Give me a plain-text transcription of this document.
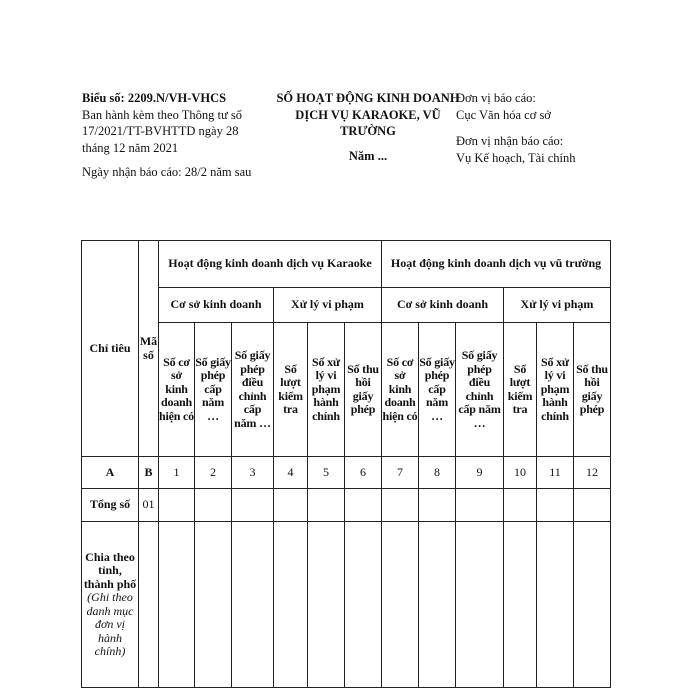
Biểu số: 2209.N/VH-VHCS
Ban hành kèm theo Thông tư số 17/2021/TT-BVHTTD ngày 28 tháng 12 năm 2021
Ngày nhận báo cáo: 28/2 năm sau
SỐ HOẠT ĐỘNG KINH DOANH DỊCH VỤ KARAOKE, VŨ TRƯỜNG
Năm ...
Đơn vị báo cáo:
Cục Văn hóa cơ sở
Đơn vị nhận báo cáo:
Vụ Kế hoạch, Tài chính
Chỉ tiêu	Mã số	Hoạt động kinh doanh dịch vụ Karaoke						Hoạt động kinh doanh dịch vụ vũ trường					
		Cơ sở kinh doanh			Xử lý vi phạm			Cơ sở kinh doanh			Xử lý vi phạm		
		Số cơ sở kinh doanh hiện có	Số giấy phép cấp năm …	Số giấy phép điều chỉnh cấp năm …	Số lượt kiểm tra	Số xử lý vi phạm hành chính	Số thu hồi giấy phép	Số cơ sở kinh doanh hiện có	Số giấy phép cấp năm …	Số giấy phép điều chỉnh cấp năm …	Số lượt kiểm tra	Số xử lý vi phạm hành chính	Số thu hồi giấy phép
A	B	1	2	3	4	5	6	7	8	9	10	11	12
Tổng số	01												

Chia theo tỉnh, thành phố
(Ghi theo danh mục đơn vị hành chính)													
